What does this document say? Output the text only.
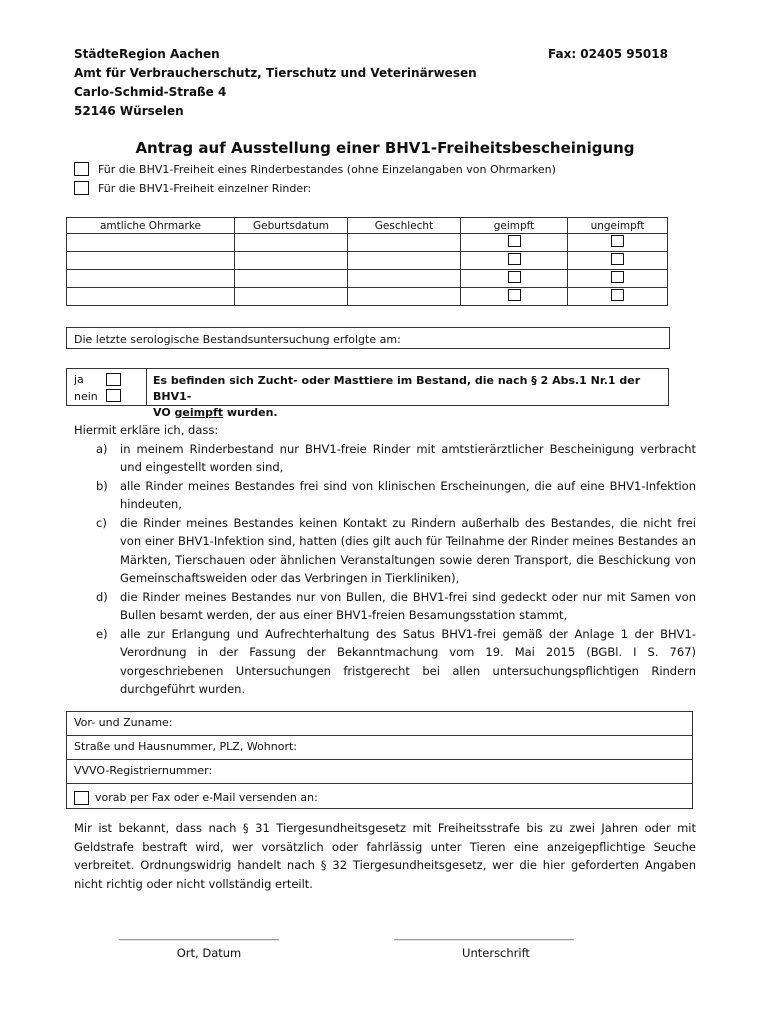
StädteRegion Aachen
Amt für Verbraucherschutz, Tierschutz und Veterinärwesen
Carlo-Schmid-Straße 4
52146 Würselen
Fax: 02405 95018
Antrag auf Ausstellung einer BHV1-Freiheitsbescheinigung
Für die BHV1-Freiheit eines Rinderbestandes (ohne Einzelangaben von Ohrmarken)
Für die BHV1-Freiheit einzelner Rinder:
amtliche Ohrmarke	Geburtsdatum	Geschlecht	geimpft	ungeimpft

Die letzte serologische Bestandsuntersuchung erfolgte am:
ja
nein
Es befinden sich Zucht- oder Masttiere im Bestand, die nach § 2 Abs.1 Nr.1 der BHV1-
VO geimpft wurden.
Hiermit erkläre ich, dass:
a) in meinem Rinderbestand nur BHV1-freie Rinder mit amtstierärztlicher Bescheinigung verbracht und eingestellt worden sind,
b) alle Rinder meines Bestandes frei sind von klinischen Erscheinungen, die auf eine BHV1-Infektion hindeuten,
c) die Rinder meines Bestandes keinen Kontakt zu Rindern außerhalb des Bestandes, die nicht frei von einer BHV1-Infektion sind, hatten (dies gilt auch für Teilnahme der Rinder meines Bestandes an Märkten, Tierschauen oder ähnlichen Veranstaltungen sowie deren Transport, die Beschickung von Gemeinschaftsweiden oder das Verbringen in Tierkliniken),
d) die Rinder meines Bestandes nur von Bullen, die BHV1-frei sind gedeckt oder nur mit Samen von Bullen besamt werden, der aus einer BHV1-freien Besamungsstation stammt,
e) alle zur Erlangung und Aufrechterhaltung des Satus BHV1-frei gemäß der Anlage 1 der BHV1-Verordnung in der Fassung der Bekanntmachung vom 19. Mai 2015 (BGBl. I S. 767) vorgeschriebenen Untersuchungen fristgerecht bei allen untersuchungspflichtigen Rindern durchgeführt wurden.
Vor- und Zuname:
Straße und Hausnummer, PLZ, Wohnort:
VVVO-Registriernummer:
vorab per Fax oder e-Mail versenden an:
Mir ist bekannt, dass nach § 31 Tiergesundheitsgesetz mit Freiheitsstrafe bis zu zwei Jahren oder mit Geldstrafe bestraft wird, wer vorsätzlich oder fahrlässig unter Tieren eine anzeigepflichtige Seuche verbreitet. Ordnungswidrig handelt nach § 32 Tiergesundheitsgesetz, wer die hier geforderten Angaben nicht richtig oder nicht vollständig erteilt.
________________________________
Ort, Datum
____________________________________
Unterschrift
